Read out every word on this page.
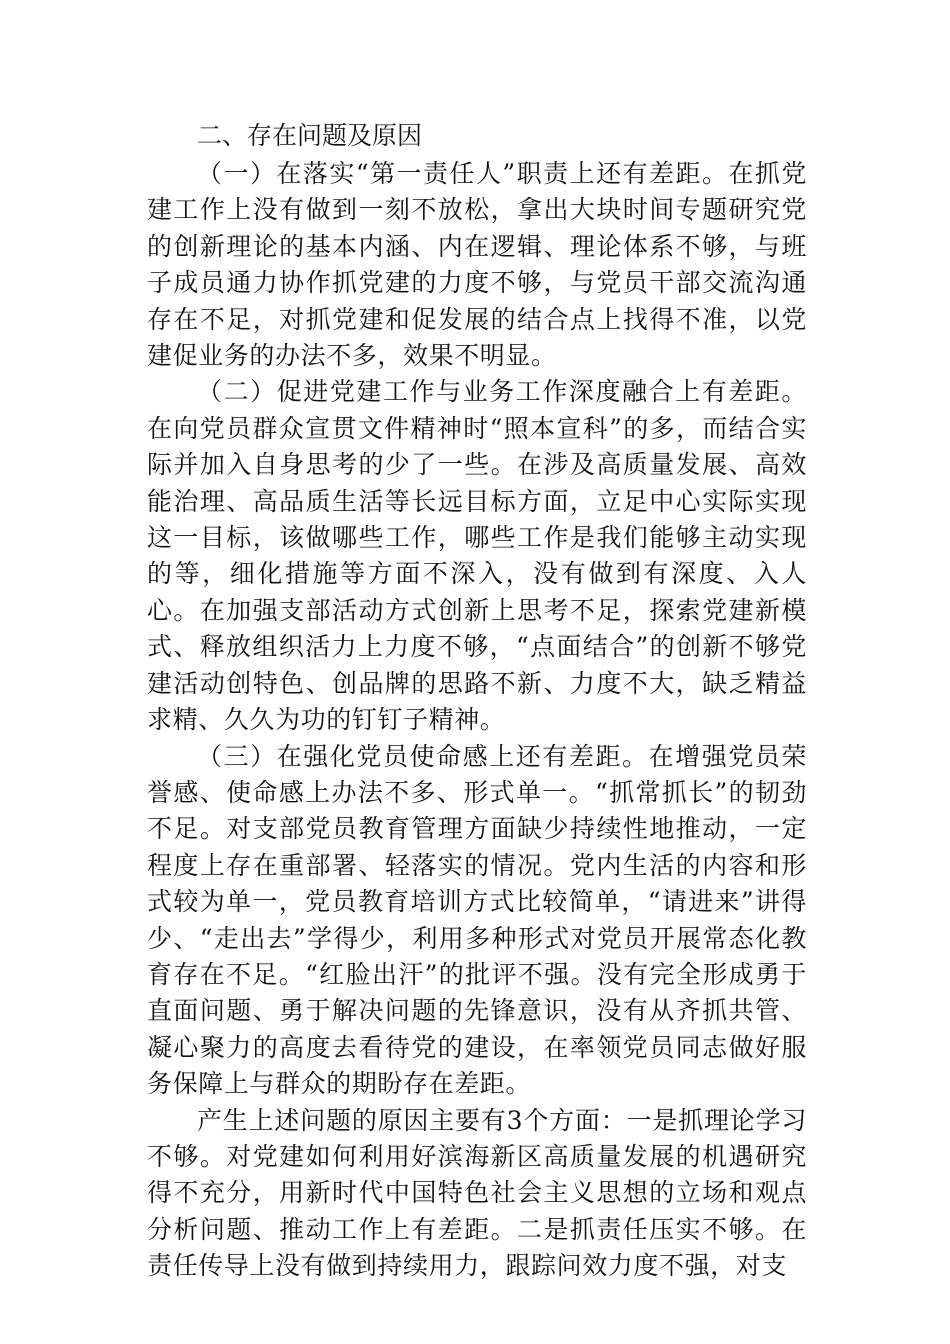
二、存在问题及原因

（一）在落实“第一责任人”职责上还有差距。在抓党建工作上没有做到一刻不放松，拿出大块时间专题研究党的创新理论的基本内涵、内在逻辑、理论体系不够，与班子成员通力协作抓党建的力度不够，与党员干部交流沟通存在不足，对抓党建和促发展的结合点上找得不准，以党建促业务的办法不多，效果不明显。

（二）促进党建工作与业务工作深度融合上有差距。在向党员群众宣贯文件精神时“照本宣科”的多，而结合实际并加入自身思考的少了一些。在涉及高质量发展、高效能治理、高品质生活等长远目标方面，立足中心实际实现这一目标，该做哪些工作，哪些工作是我们能够主动实现的等，细化措施等方面不深入，没有做到有深度、入人心。在加强支部活动方式创新上思考不足，探索党建新模式、释放组织活力上力度不够，“点面结合”的创新不够党建活动创特色、创品牌的思路不新、力度不大，缺乏精益求精、久久为功的钉钉子精神。

（三）在强化党员使命感上还有差距。在增强党员荣誉感、使命感上办法不多、形式单一。“抓常抓长”的韧劲不足。对支部党员教育管理方面缺少持续性地推动，一定程度上存在重部署、轻落实的情况。党内生活的内容和形式较为单一，党员教育培训方式比较简单，“请进来”讲得少、“走出去”学得少，利用多种形式对党员开展常态化教育存在不足。“红脸出汗”的批评不强。没有完全形成勇于直面问题、勇于解决问题的先锋意识，没有从齐抓共管、凝心聚力的高度去看待党的建设，在率领党员同志做好服务保障上与群众的期盼存在差距。

产生上述问题的原因主要有3个方面：一是抓理论学习不够。对党建如何利用好滨海新区高质量发展的机遇研究得不充分，用新时代中国特色社会主义思想的立场和观点分析问题、推动工作上有差距。二是抓责任压实不够。在责任传导上没有做到持续用力，跟踪问效力度不强，对支
